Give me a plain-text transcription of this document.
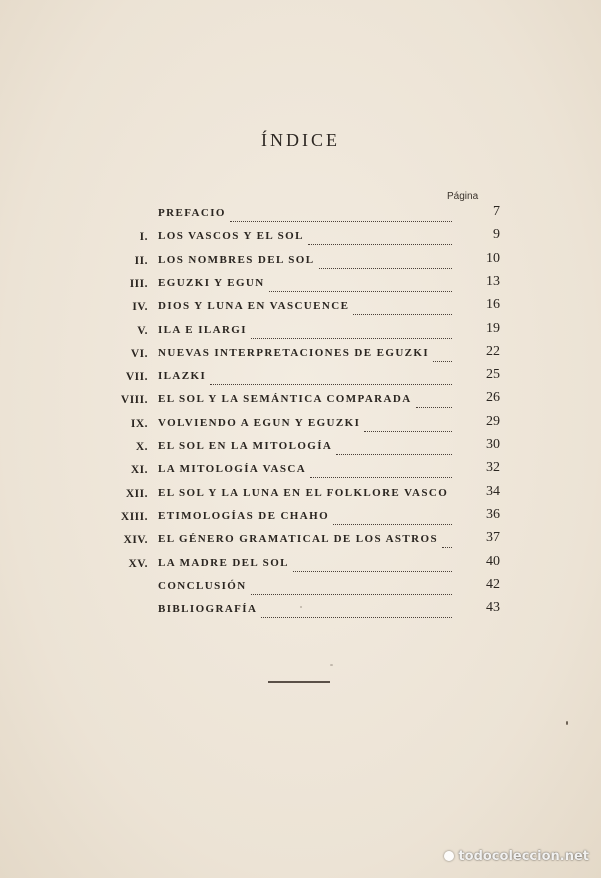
ÍNDICE
Página
PREFACIO	7
I. LOS VASCOS Y EL SOL	9
II. LOS NOMBRES DEL SOL	10
III. EGUZKI Y EGUN	13
IV. DIOS Y LUNA EN VASCUENCE	16
V. ILA E ILARGI	19
VI. NUEVAS INTERPRETACIONES DE EGUZKI	22
VII. ILAZKI	25
VIII. EL SOL Y LA SEMÁNTICA COMPARADA	26
IX. VOLVIENDO A EGUN Y EGUZKI	29
X. EL SOL EN LA MITOLOGÍA	30
XI. LA MITOLOGÍA VASCA	32
XII. EL SOL Y LA LUNA EN EL FOLKLORE VASCO	34
XIII. ETIMOLOGÍAS DE CHAHO	36
XIV. EL GÉNERO GRAMATICAL DE LOS ASTROS	37
XV. LA MADRE DEL SOL	40
CONCLUSIÓN	42
BIBLIOGRAFÍA	43
todocoleccion.net
